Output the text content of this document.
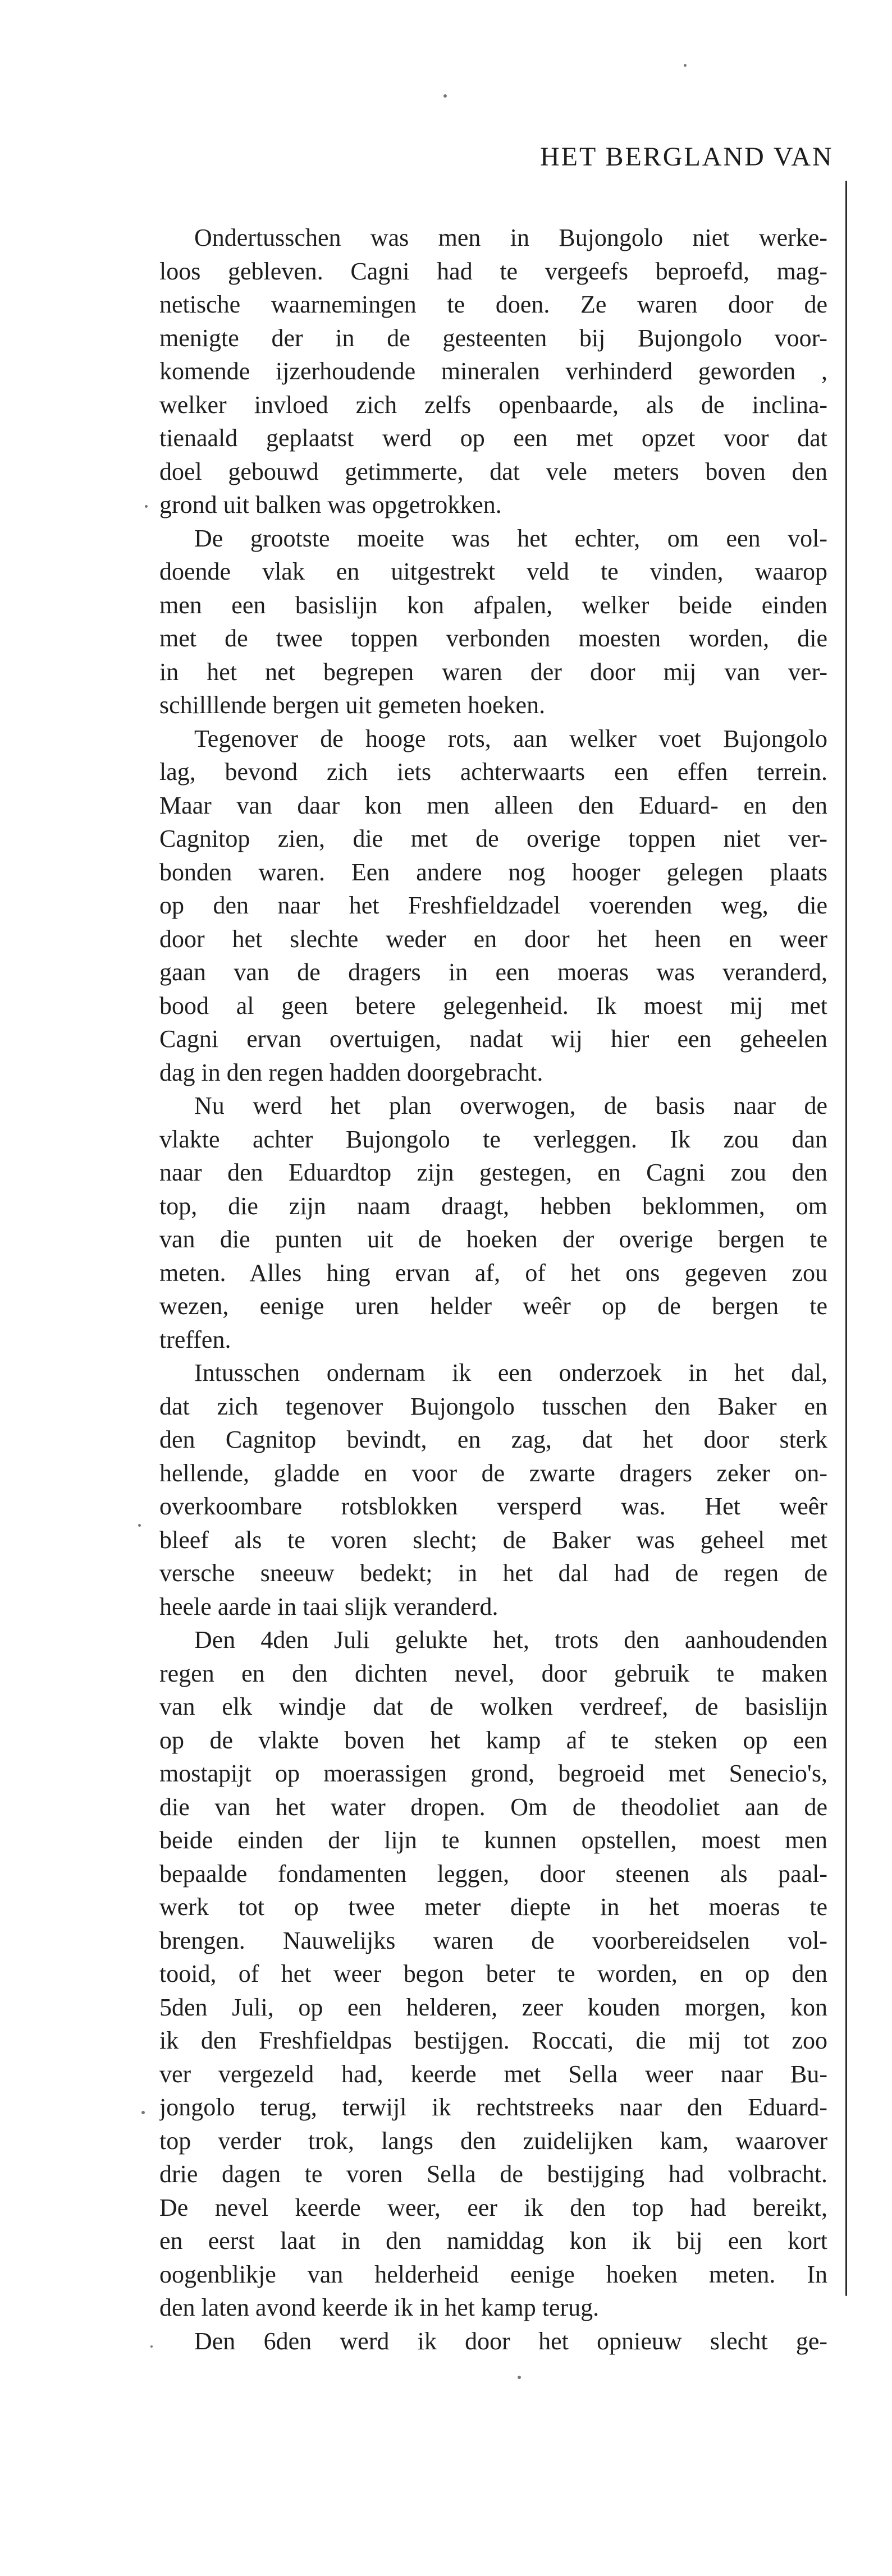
HET BERGLAND VAN
Ondertusschen was men in Bujongolo niet werke-
loos gebleven. Cagni had te vergeefs beproefd, mag-
netische waarnemingen te doen. Ze waren door de
menigte der in de gesteenten bij Bujongolo voor-
komende ijzerhoudende mineralen verhinderd geworden ,
welker invloed zich zelfs openbaarde, als de inclina-
tienaald geplaatst werd op een met opzet voor dat
doel gebouwd getimmerte, dat vele meters boven den
grond uit balken was opgetrokken.
De grootste moeite was het echter, om een vol-
doende vlak en uitgestrekt veld te vinden, waarop
men een basislijn kon afpalen, welker beide einden
met de twee toppen verbonden moesten worden, die
in het net begrepen waren der door mij van ver-
schilllende bergen uit gemeten hoeken.
Tegenover de hooge rots, aan welker voet Bujongolo
lag, bevond zich iets achterwaarts een effen terrein.
Maar van daar kon men alleen den Eduard- en den
Cagnitop zien, die met de overige toppen niet ver-
bonden waren. Een andere nog hooger gelegen plaats
op den naar het Freshfieldzadel voerenden weg, die
door het slechte weder en door het heen en weer
gaan van de dragers in een moeras was veranderd,
bood al geen betere gelegenheid. Ik moest mij met
Cagni ervan overtuigen, nadat wij hier een geheelen
dag in den regen hadden doorgebracht.
Nu werd het plan overwogen, de basis naar de
vlakte achter Bujongolo te verleggen. Ik zou dan
naar den Eduardtop zijn gestegen, en Cagni zou den
top, die zijn naam draagt, hebben beklommen, om
van die punten uit de hoeken der overige bergen te
meten. Alles hing ervan af, of het ons gegeven zou
wezen, eenige uren helder weêr op de bergen te
treffen.
Intusschen ondernam ik een onderzoek in het dal,
dat zich tegenover Bujongolo tusschen den Baker en
den Cagnitop bevindt, en zag, dat het door sterk
hellende, gladde en voor de zwarte dragers zeker on-
overkoombare rotsblokken versperd was. Het weêr
bleef als te voren slecht; de Baker was geheel met
versche sneeuw bedekt; in het dal had de regen de
heele aarde in taai slijk veranderd.
Den 4den Juli gelukte het, trots den aanhoudenden
regen en den dichten nevel, door gebruik te maken
van elk windje dat de wolken verdreef, de basislijn
op de vlakte boven het kamp af te steken op een
mostapijt op moerassigen grond, begroeid met Senecio's,
die van het water dropen. Om de theodoliet aan de
beide einden der lijn te kunnen opstellen, moest men
bepaalde fondamenten leggen, door steenen als paal-
werk tot op twee meter diepte in het moeras te
brengen. Nauwelijks waren de voorbereidselen vol-
tooid, of het weer begon beter te worden, en op den
5den Juli, op een helderen, zeer kouden morgen, kon
ik den Freshfieldpas bestijgen. Roccati, die mij tot zoo
ver vergezeld had, keerde met Sella weer naar Bu-
jongolo terug, terwijl ik rechtstreeks naar den Eduard-
top verder trok, langs den zuidelijken kam, waarover
drie dagen te voren Sella de bestijging had volbracht.
De nevel keerde weer, eer ik den top had bereikt,
en eerst laat in den namiddag kon ik bij een kort
oogenblikje van helderheid eenige hoeken meten. In
den laten avond keerde ik in het kamp terug.
Den 6den werd ik door het opnieuw slecht ge-
